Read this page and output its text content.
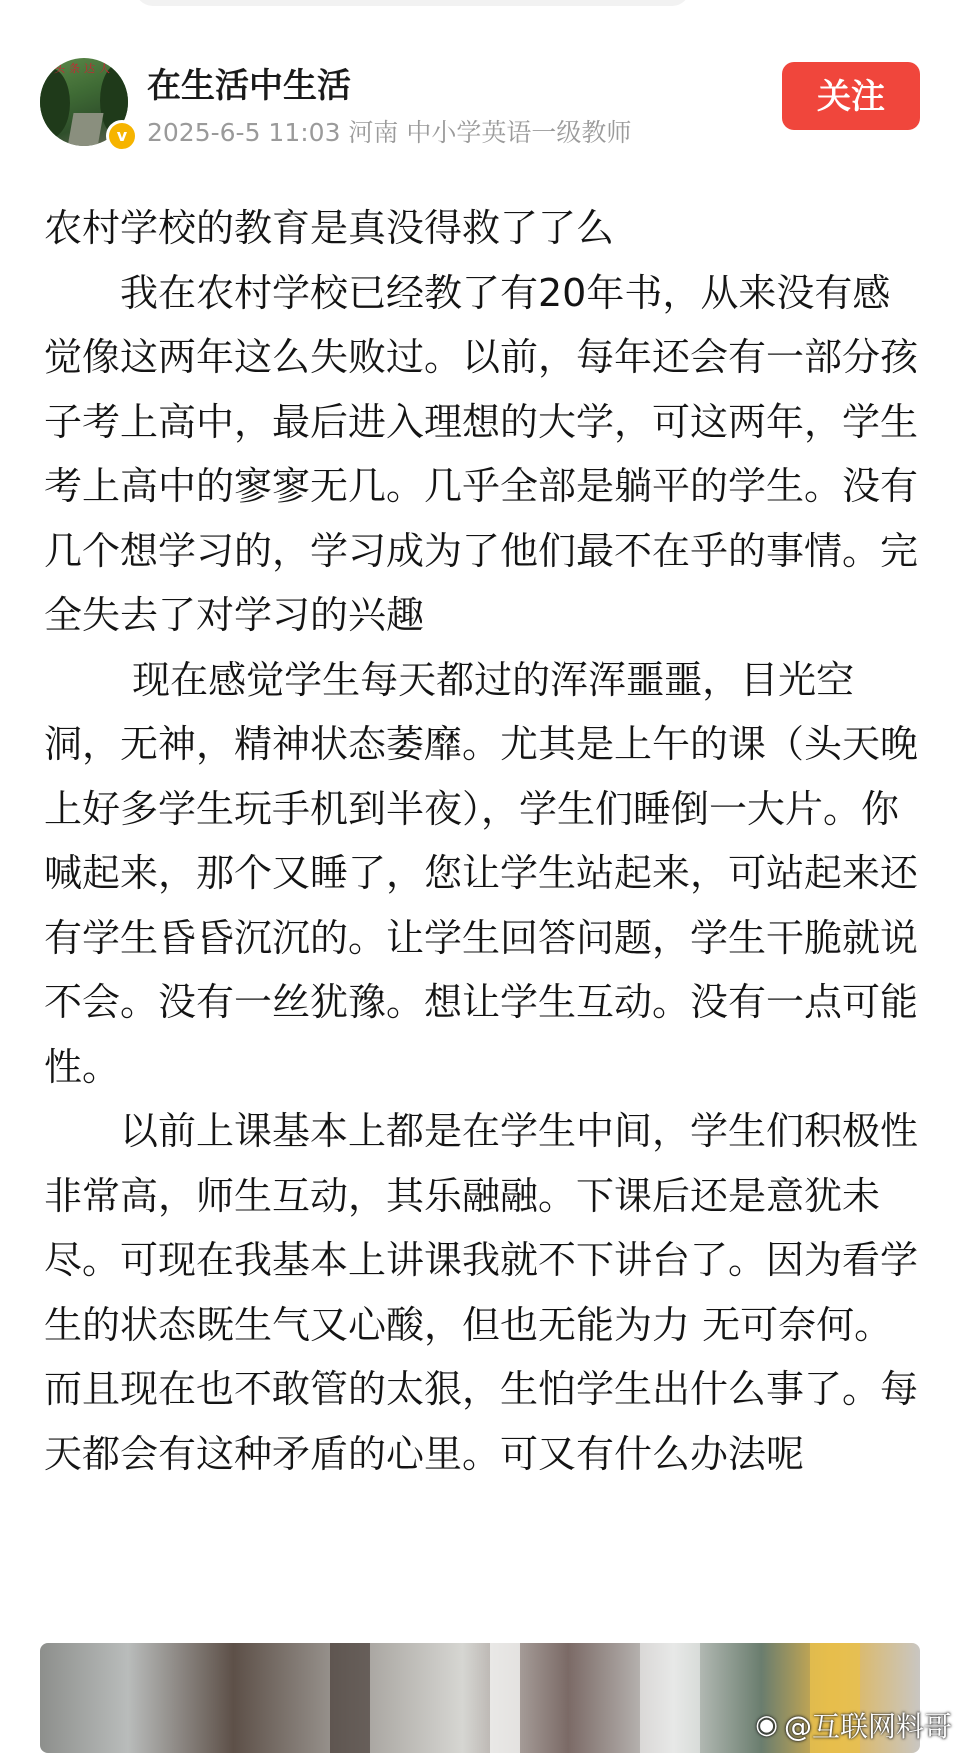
头条达人
v
在生活中生活
2025-6-5 11:03 河南 中小学英语一级教师
关注

农村学校的教育是真没得救了了么

　　我在农村学校已经教了有20年书，从来没有感觉像这两年这么失败过。以前，每年还会有一部分孩子考上高中，最后进入理想的大学，可这两年，学生考上高中的寥寥无几。几乎全部是躺平的学生。没有几个想学习的，学习成为了他们最不在乎的事情。完全失去了对学习的兴趣

　　 现在感觉学生每天都过的浑浑噩噩，目光空洞，无神，精神状态萎靡。尤其是上午的课（头天晚上好多学生玩手机到半夜），学生们睡倒一大片。你喊起来，那个又睡了，您让学生站起来，可站起来还有学生昏昏沉沉的。让学生回答问题，学生干脆就说不会。没有一丝犹豫。想让学生互动。没有一点可能性。

　　以前上课基本上都是在学生中间，学生们积极性非常高，师生互动，其乐融融。下课后还是意犹未尽。可现在我基本上讲课我就不下讲台了。因为看学生的状态既生气又心酸，但也无能为力 无可奈何。而且现在也不敢管的太狠，生怕学生出什么事了。每天都会有这种矛盾的心里。可又有什么办法呢

◉ @互联网料哥
